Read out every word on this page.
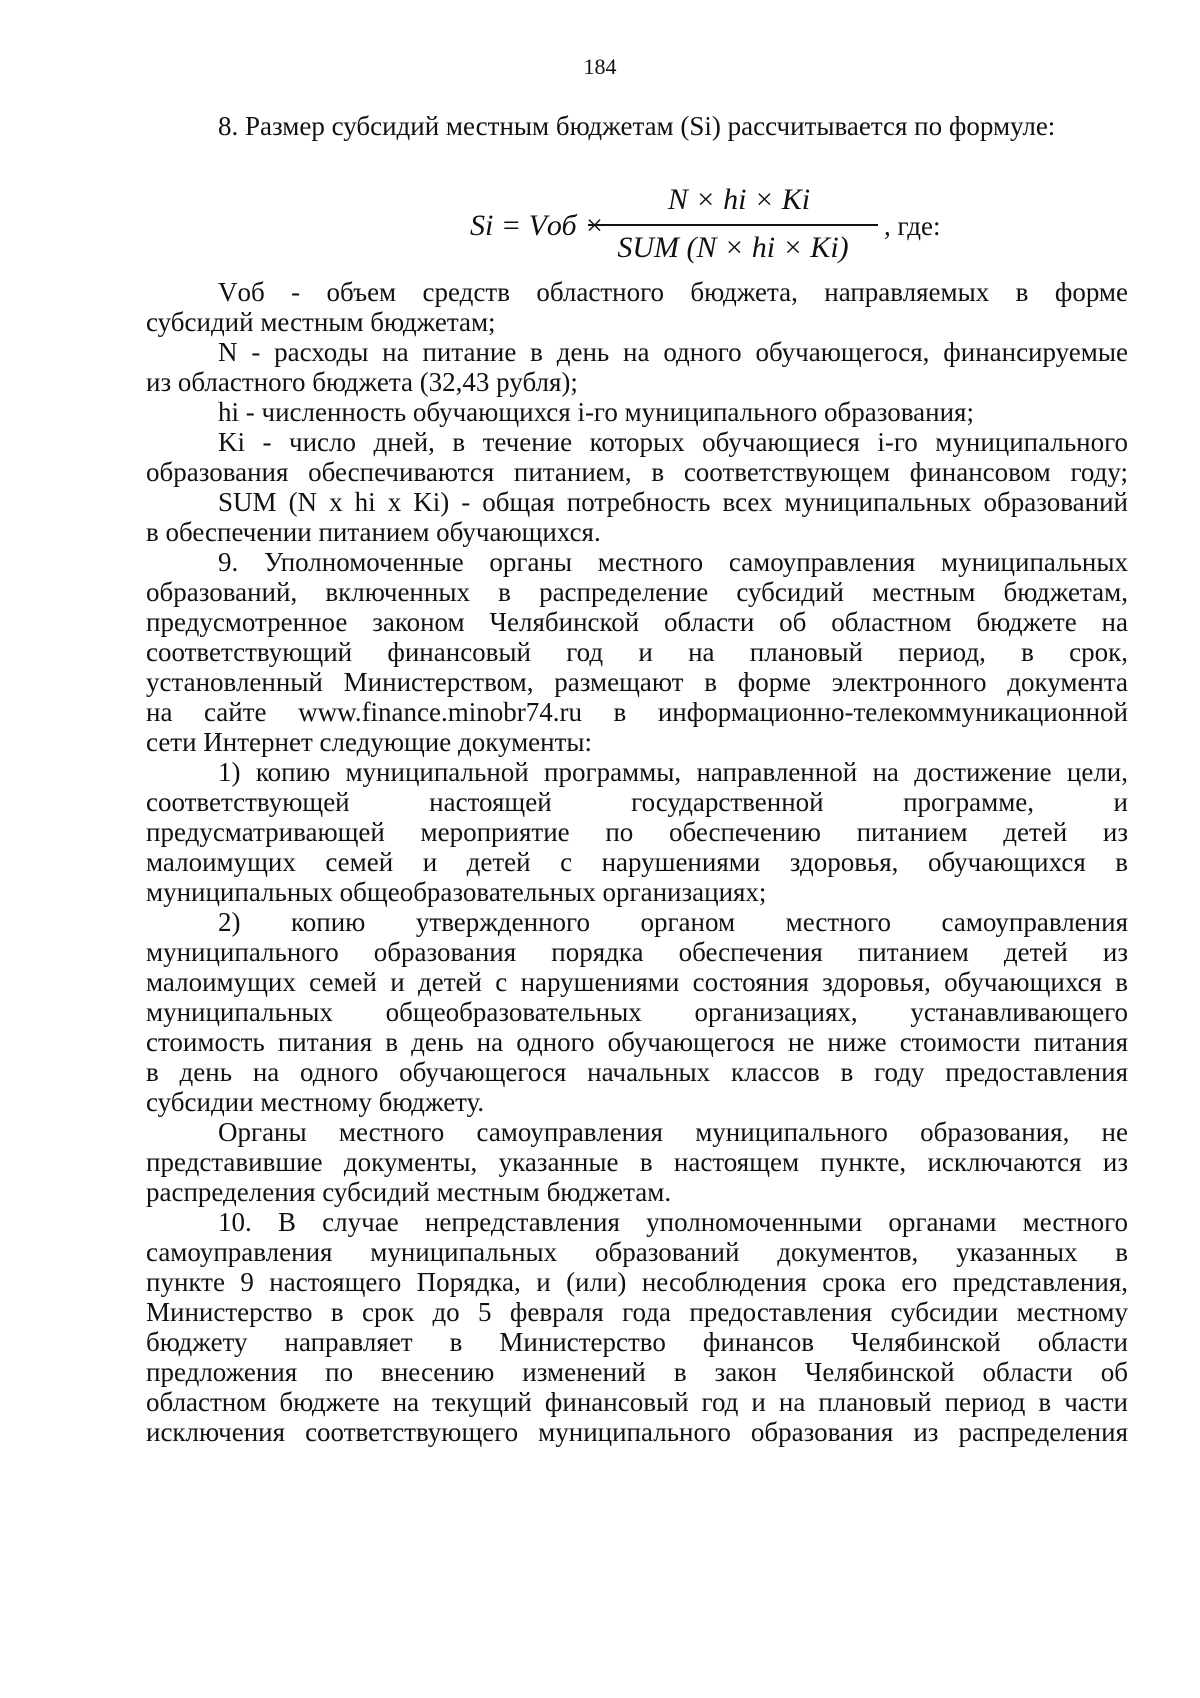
184
8. Размер субсидий местным бюджетам (Si) рассчитывается по формуле:
Si = Vоб ×
N × hi × Ki
SUM (N × hi × Ki)
, где:
Vоб - объем средств областного бюджета, направляемых в форме
субсидий местным бюджетам;
N - расходы на питание в день на одного обучающегося, финансируемые
из областного бюджета (32,43 рубля);
hi - численность обучающихся i-го муниципального образования;
Ki - число дней, в течение которых обучающиеся i-го муниципального
образования обеспечиваются питанием, в соответствующем финансовом году;
SUM (N x hi x Ki) - общая потребность всех муниципальных образований
в обеспечении питанием обучающихся.
9. Уполномоченные органы местного самоуправления муниципальных
образований, включенных в распределение субсидий местным бюджетам,
предусмотренное законом Челябинской области об областном бюджете на
соответствующий финансовый год и на плановый период, в срок,
установленный Министерством, размещают в форме электронного документа
на сайте www.finance.minobr74.ru в информационно-телекоммуникационной
сети Интернет следующие документы:
1) копию муниципальной программы, направленной на достижение цели,
соответствующей настоящей государственной программе, и
предусматривающей мероприятие по обеспечению питанием детей из
малоимущих семей и детей с нарушениями здоровья, обучающихся в
муниципальных общеобразовательных организациях;
2) копию утвержденного органом местного самоуправления
муниципального образования порядка обеспечения питанием детей из
малоимущих семей и детей с нарушениями состояния здоровья, обучающихся в
муниципальных общеобразовательных организациях, устанавливающего
стоимость питания в день на одного обучающегося не ниже стоимости питания
в день на одного обучающегося начальных классов в году предоставления
субсидии местному бюджету.
Органы местного самоуправления муниципального образования, не
представившие документы, указанные в настоящем пункте, исключаются из
распределения субсидий местным бюджетам.
10. В случае непредставления уполномоченными органами местного
самоуправления муниципальных образований документов, указанных в
пункте 9 настоящего Порядка, и (или) несоблюдения срока его представления,
Министерство в срок до 5 февраля года предоставления субсидии местному
бюджету направляет в Министерство финансов Челябинской области
предложения по внесению изменений в закон Челябинской области об
областном бюджете на текущий финансовый год и на плановый период в части
исключения соответствующего муниципального образования из распределения
